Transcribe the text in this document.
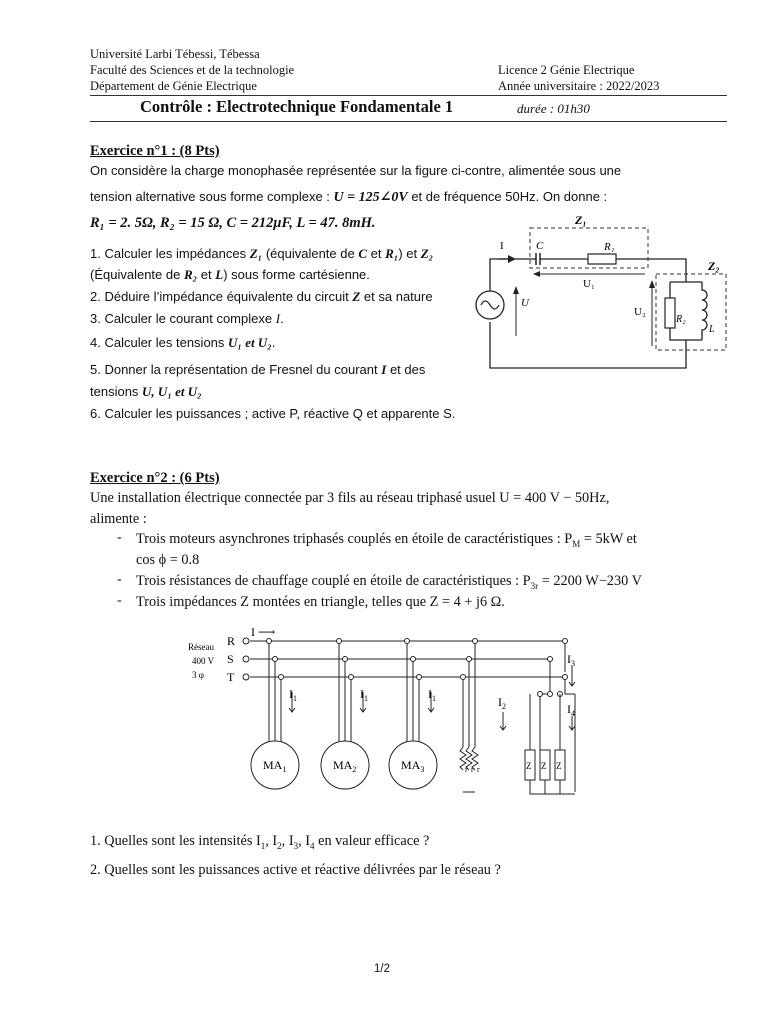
Université Larbi Tébessi, Tébessa
Faculté des Sciences et de la technologie
Département de Génie Electrique
Licence 2 Génie Electrique
Année universitaire : 2022/2023
Contrôle : Electrotechnique Fondamentale 1	durée : 01h30
Exercice n°1 : (8 Pts)
On considère la charge monophasée représentée sur la figure ci-contre, alimentée sous une
tension alternative sous forme complexe : U = 125∠0V et de fréquence 50Hz. On donne :
R₁ = 2. 5Ω, R₂ = 15 Ω, C = 212μF, L = 47. 8mH.
1. Calculer les impédances Z₁ (équivalente de C et R₁) et Z₂
(Équivalente de R₂ et L) sous forme cartésienne.
2. Déduire l’impédance équivalente du circuit Z et sa nature
3. Calculer le courant complexe I.
4. Calculer les tensions U₁ et U₂.
5. Donner la représentation de Fresnel du courant I et des
tensions U, U₁ et U₂
6. Calculer les puissances ; active P, réactive Q et apparente S.
Z₁
Z₂
I	C	R₁
U₁
U₂
R₂
L
U
Exercice n°2 : (6 Pts)
Une installation électrique connectée par 3 fils au réseau triphasé usuel U = 400 V − 50Hz,
alimente :
- Trois moteurs asynchrones triphasés couplés en étoile de caractéristiques : $P_M = 5kW$ et
cos ϕ = 0.8
- Trois résistances de chauffage couplé en étoile de caractéristiques : $P_{3r} = 2200$ W−230 V
- Trois impédances Z montées en triangle, telles que Z = 4 + j6 Ω.
Réseau
400 V
3 φ
R
S
T
I ⟶
$I_1$	$I_1$	$I_1$	$I_2$
$I_3$
$I_4$
$MA_1$	$MA_2$	$MA_3$	r r r	Z Z Z
1. Quelles sont les intensités $I_1$, $I_2$, $I_3$, $I_4$ en valeur efficace ?
2. Quelles sont les puissances active et réactive délivrées par le réseau ?
1/2
